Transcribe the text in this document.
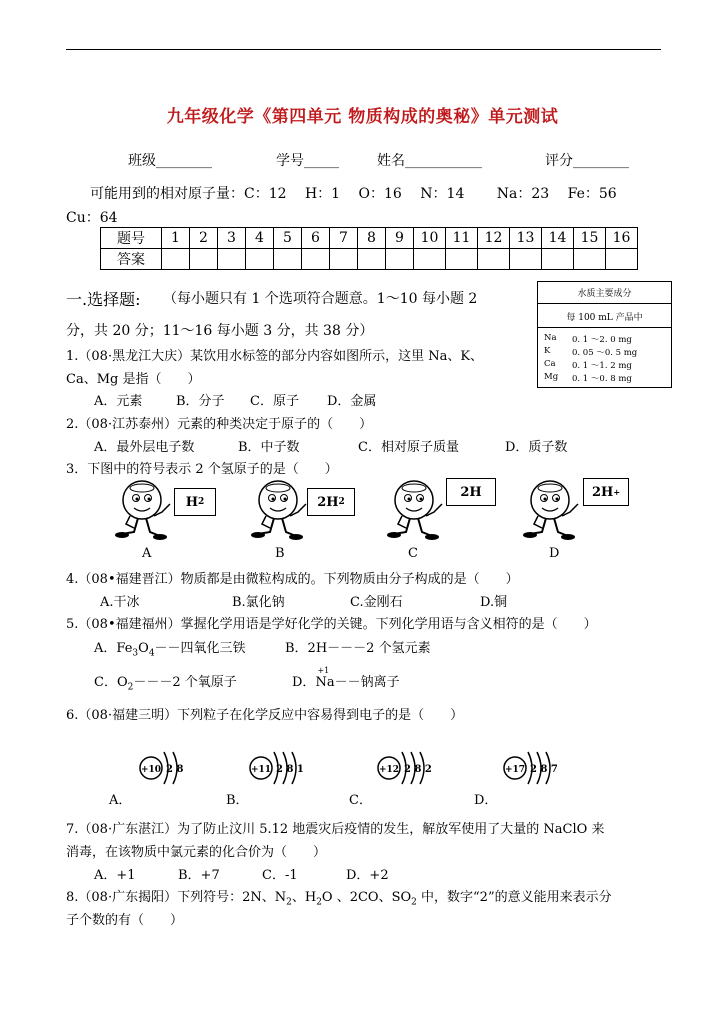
九年级化学《第四单元 物质构成的奥秘》单元测试
班级________	学号_____	姓名___________	评分________
可能用到的相对原子量：C：12　 H：1　 O：16　 N：14　　 Na：23　 Fe：56
Cu：64
题号	1	2	3	4	5	6	7	8	9	10	11	12	13	14	15	16
答案																
一.选择题: （每小题只有 1 个选项符合题意。1～10 每小题 2
分，共 20 分；11～16 每小题 3 分，共 38 分）
水质主要成分
每 100 mL 产品中
Na 0. 1 ～2. 0 mg
K	0. 05 ～0. 5 mg
Ca 0. 1 ～1. 2 mg
Mg 0. 1 ～0. 8 mg
1.（08·黑龙江大庆）某饮用水标签的部分内容如图所示，这里 Na、K、
Ca、Mg 是指（　　）
A．元素	B．分子 C．原子 D．金属
2.（08·江苏泰州）元素的种类决定于原子的（　　）
A．最外层电子数	B．中子数	C．相对原子质量	D．质子数
3．下图中的符号表示 2 个氢原子的是（　　）
H 2	2H 2
2H	2H +
A	B	C	D
4.（08•福建晋江）物质都是由微粒构成的。下列物质由分子构成的是（　　）
A.干冰	B.氯化钠	C.金刚石	D.铜
5.（08•福建福州）掌握化学用语是学好化学的关键。下列化学用语与含义相符的是（　　）
A．$Fe_3O_4--$四氧化三铁	B．2H－－－2 个氢元素
C．$O_2---2$ 个氧原子	D．Na
+1
－－钠离子
6.（08·福建三明）下列粒子在化学反应中容易得到电子的是（　　）
+10 2 8	+11 2 8 1	+12 2 8 2	+17 2 8 7
A．	B．	C．	D．
7.（08·广东湛江）为了防止汶川 5.12 地震灾后疫情的发生，解放军使用了大量的 NaClO 来
消毒，在该物质中氯元素的化合价为（　　）
A．+1	B．+7	C．-1	D．+2
8.（08·广东揭阳）下列符号：2N、$N_2$、$H_2O$ 、2CO、$SO_2$ 中，数字“2”的意义能用来表示分
子个数的有（　　）
